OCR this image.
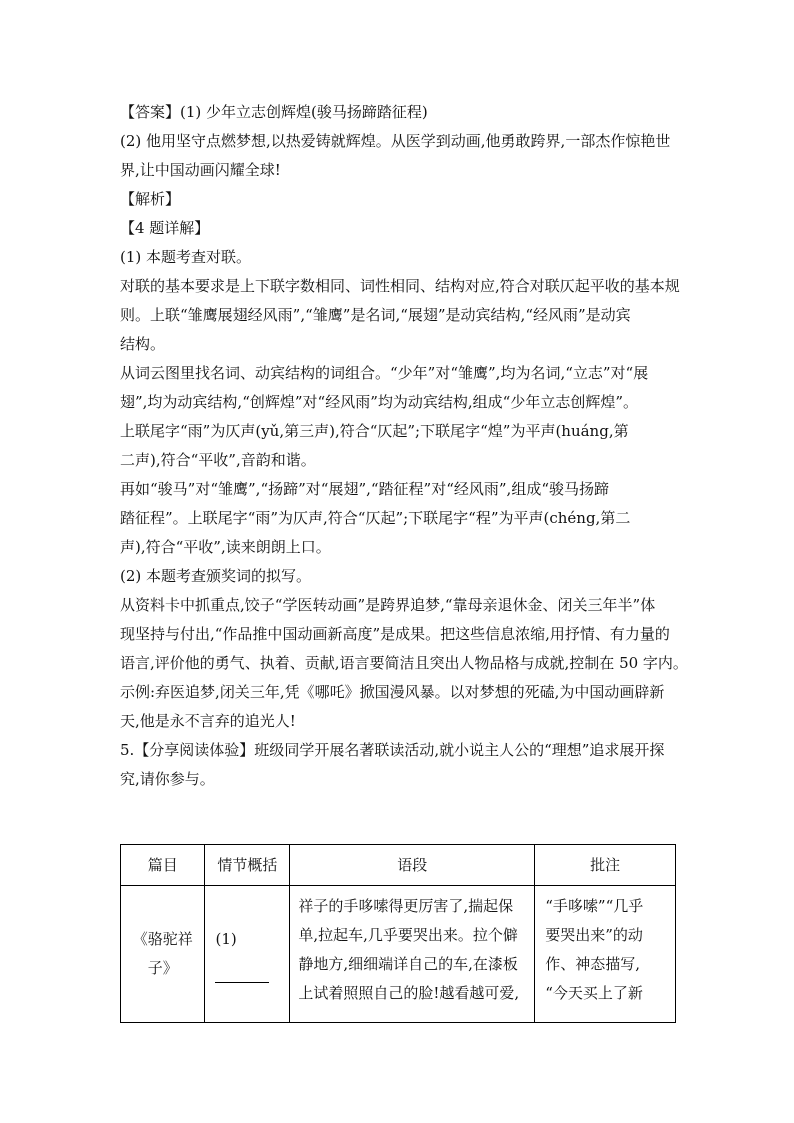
【答案】(1) 少年立志创辉煌(骏马扬蹄踏征程)

(2) 他用坚守点燃梦想,以热爱铸就辉煌。从医学到动画,他勇敢跨界,一部杰作惊艳世

界,让中国动画闪耀全球!

【解析】

【4 题详解】

(1) 本题考查对联。

对联的基本要求是上下联字数相同、词性相同、结构对应,符合对联仄起平收的基本规

则。上联“雏鹰展翅经风雨”,“雏鹰”是名词,“展翅”是动宾结构,“经风雨”是动宾

结构。

从词云图里找名词、动宾结构的词组合。“少年”对“雏鹰”,均为名词,“立志”对“展

翅”,均为动宾结构,“创辉煌”对“经风雨”均为动宾结构,组成“少年立志创辉煌”。

上联尾字“雨”为仄声(yǔ,第三声),符合“仄起”;下联尾字“煌”为平声(huáng,第

二声),符合“平收”,音韵和谐。

再如“骏马”对“雏鹰”,“扬蹄”对“展翅”,“踏征程”对“经风雨”,组成“骏马扬蹄

踏征程”。上联尾字“雨”为仄声,符合“仄起”;下联尾字“程”为平声(chéng,第二

声),符合“平收”,读来朗朗上口。

(2) 本题考查颁奖词的拟写。

从资料卡中抓重点,饺子“学医转动画”是跨界追梦,“靠母亲退休金、闭关三年半”体

现坚持与付出,“作品推中国动画新高度”是成果。把这些信息浓缩,用抒情、有力量的

语言,评价他的勇气、执着、贡献,语言要简洁且突出人物品格与成就,控制在 50 字内。

示例:弃医追梦,闭关三年,凭《哪吒》掀国漫风暴。以对梦想的死磕,为中国动画辟新

天,他是永不言弃的追光人!

5.【分享阅读体验】班级同学开展名著联读活动,就小说主人公的“理想”追求展开探

究,请你参与。

篇目	情节概括	语段	批注
《骆驼祥子》	(1)	祥子的手哆嗦得更厉害了,揣起保
单,拉起车,几乎要哭出来。拉个僻
静地方,细细端详自己的车,在漆板
上试着照照自己的脸!越看越可爱,	“手哆嗦”“几乎
要哭出来”的动
作、神态描写,
“今天买上了新
